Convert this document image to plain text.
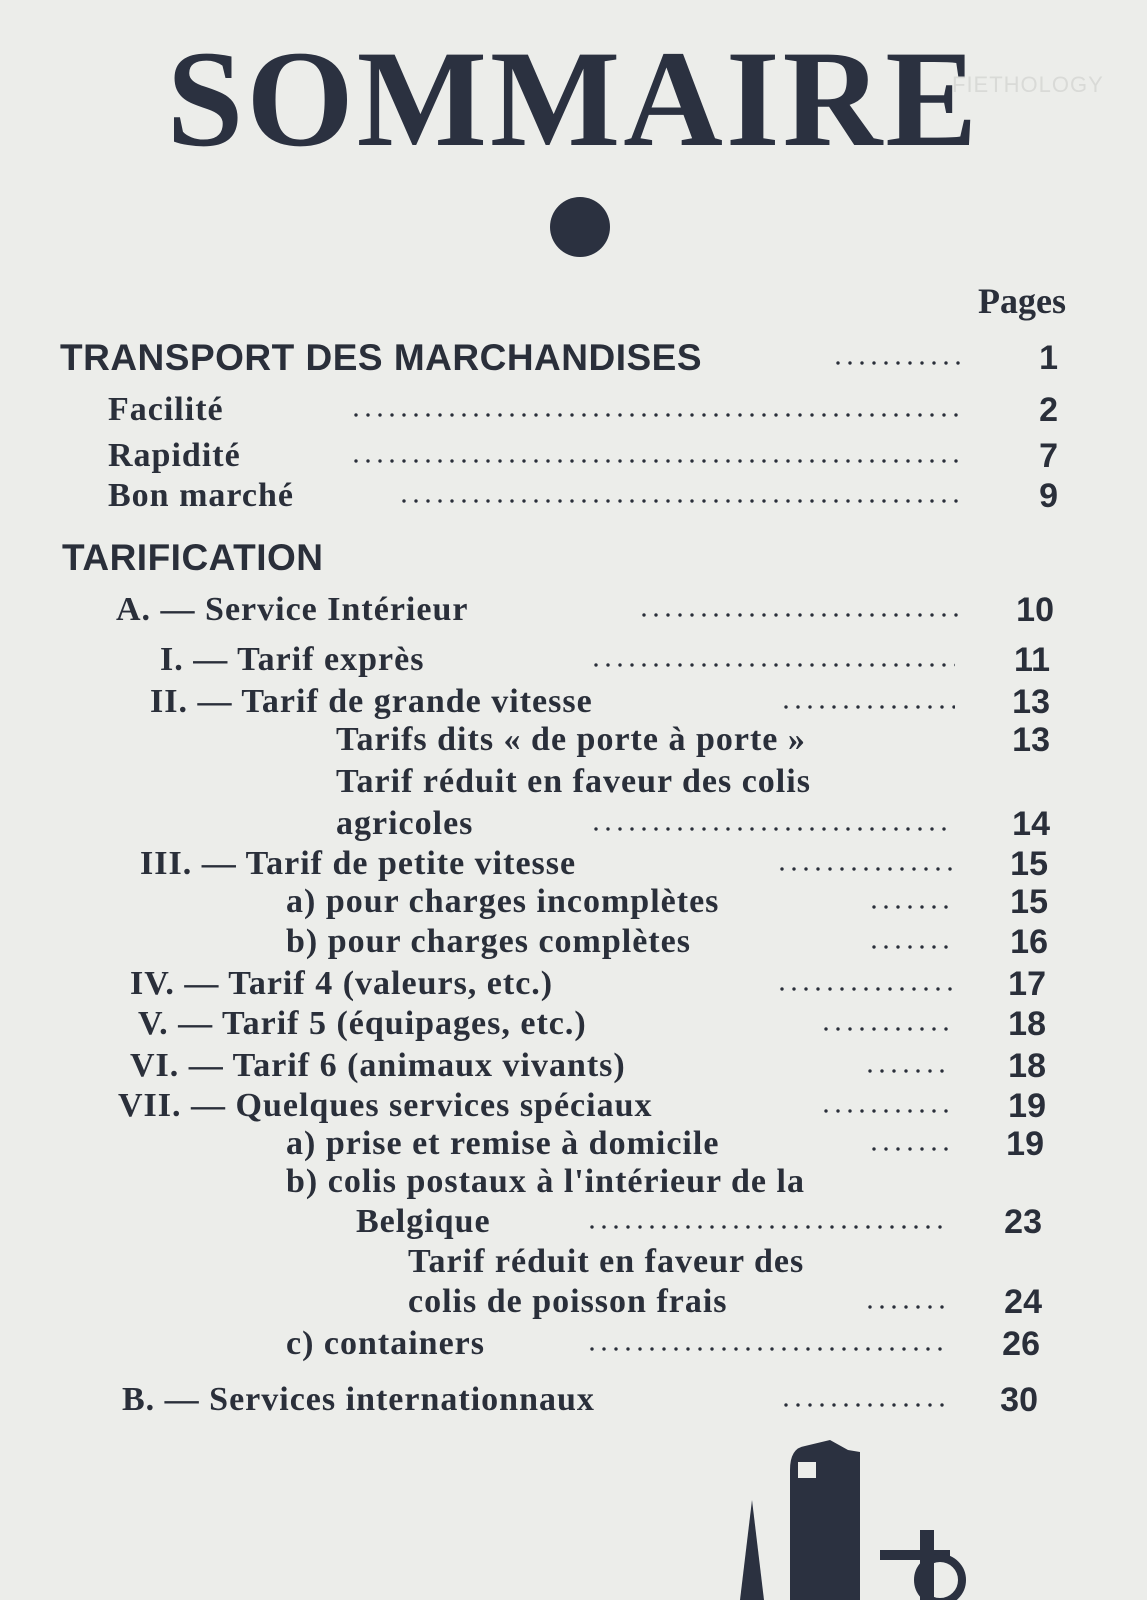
SOMMAIRE
FIETHOLOGY
Pages
TRANSPORT DES MARCHANDISES	1
Facilité	2
Rapidité	7
Bon marché	9
TARIFICATION
A. — Service Intérieur	10
I. — Tarif exprès	11
II. — Tarif de grande vitesse	13
Tarifs dits « de porte à porte »	13
Tarif réduit en faveur des colis
agricoles	14
III. — Tarif de petite vitesse	15
a) pour charges incomplètes	15
b) pour charges complètes	16
IV. — Tarif 4 (valeurs, etc.)	17
V. — Tarif 5 (équipages, etc.)	18
VI. — Tarif 6 (animaux vivants)	18
VII. — Quelques services spéciaux	19
a) prise et remise à domicile	19
b) colis postaux à l'intérieur de la
Belgique	23
Tarif réduit en faveur des
colis de poisson frais	24
c) containers	26
B. — Services internationnaux	30
